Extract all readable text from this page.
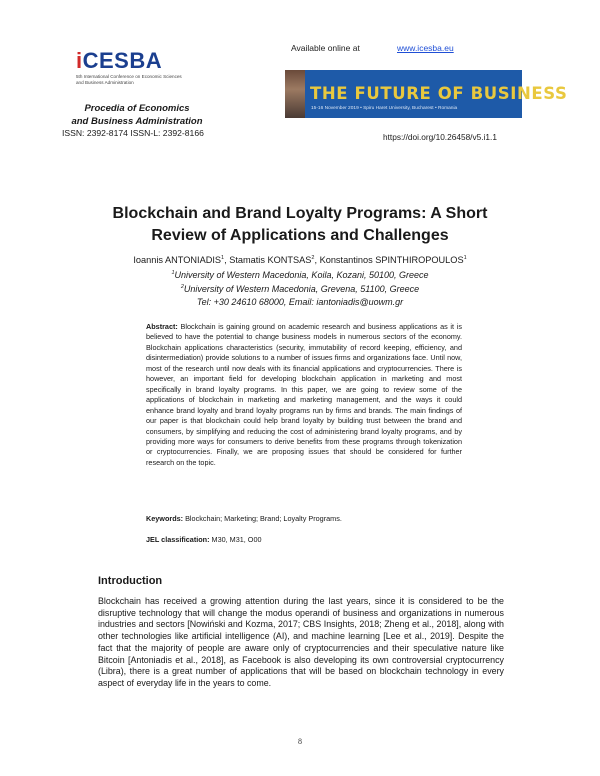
iCESBA
5th International Conference on Economic Sciences and Business Administration
Available online at	www.icesba.eu
THE FUTURE OF BUSINESS
15-16 November 2019 • Spiru Haret University, Bucharest • Romania
Procedia of Economics
and Business Administration
ISSN: 2392-8174 ISSN-L: 2392-8166	https://doi.org/10.26458/v5.i1.1
Blockchain and Brand Loyalty Programs: A Short
Review of Applications and Challenges
Ioannis ANTONIADIS$^1$, Stamatis KONTSAS$^2$, Konstantinos SPINTHIROPOULOS$^1$
$^1$University of Western Macedonia, Koila, Kozani, 50100, Greece
$^2$University of Western Macedonia, Grevena, 51100, Greece
Tel: +30 24610 68000, Email: iantoniadis@uowm.gr
Abstract: Blockchain is gaining ground on academic research and business applications as it is believed to have the potential to change business models in numerous sectors of the economy. Blockchain applications characteristics (security, immutability of record keeping, efficiency, and disintermediation) provide solutions to a number of issues firms and organizations face. Until now, most of the research until now deals with its financial applications and cryptocurrencies. There is however, an important field for developing blockchain application in marketing and most specifically in brand loyalty programs. In this paper, we are going to review some of the applications of blockchain in marketing and marketing management, and the ways it could enhance brand loyalty and brand loyalty programs run by firms and brands. The main findings of our paper is that blockchain could help brand loyalty by building trust between the brand and consumers, by simplifying and reducing the cost of administering brand loyalty programs, and by providing more ways for consumers to derive benefits from these programs through tokenization or cryptocurrencies. Finally, we are proposing issues that should be considered for further research on the topic.
Keywords: Blockchain; Marketing; Brand; Loyalty Programs.
JEL classification: M30, M31, O00
Introduction
Blockchain has received a growing attention during the last years, since it is considered to be the disruptive technology that will change the modus operandi of business and organizations in numerous industries and sectors [Nowiński and Kozma, 2017; CBS Insights, 2018; Zheng et al., 2018], along with other technologies like artificial intelligence (AI), and machine learning [Lee et al., 2019]. Despite the fact that the majority of people are aware only of cryptocurrencies and their speculative nature like Bitcoin [Antoniadis et al., 2018], as Facebook is also developing its own controversial cryptocurrency (Libra), there is a great number of applications that will be based on blockchain technology in every aspect of everyday life in the years to come.
8
